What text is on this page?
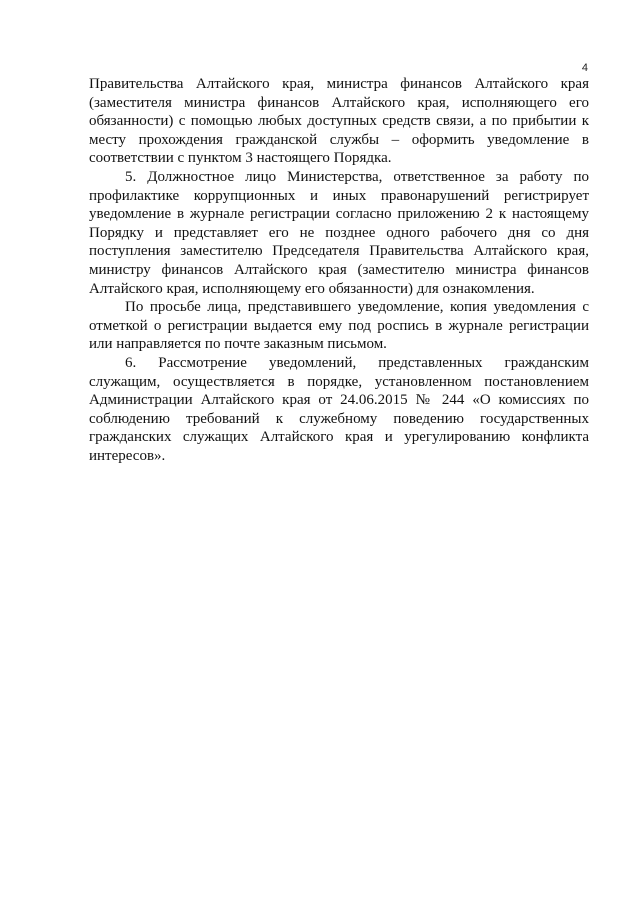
4

Правительства Алтайского края, министра финансов Алтайского края (заместителя министра финансов Алтайского края, исполняющего его обязанности) с помощью любых доступных средств связи, а по прибытии к месту прохождения гражданской службы – оформить уведомление в соответствии с пунктом 3 настоящего Порядка.

5. Должностное лицо Министерства, ответственное за работу по профилактике коррупционных и иных правонарушений регистрирует уведомление в журнале регистрации согласно приложению 2 к настоящему Порядку и представляет его не позднее одного рабочего дня со дня поступления заместителю Председателя Правительства Алтайского края, министру финансов Алтайского края (заместителю министра финансов Алтайского края, исполняющему его обязанности) для ознакомления.

По просьбе лица, представившего уведомление, копия уведомления с отметкой о регистрации выдается ему под роспись в журнале регистрации или направляется по почте заказным письмом.

6. Рассмотрение уведомлений, представленных гражданским служащим, осуществляется в порядке, установленном постановлением Администрации Алтайского края от 24.06.2015 № 244 «О комиссиях по соблюдению требований к служебному поведению государственных гражданских служащих Алтайского края и урегулированию конфликта интересов».
